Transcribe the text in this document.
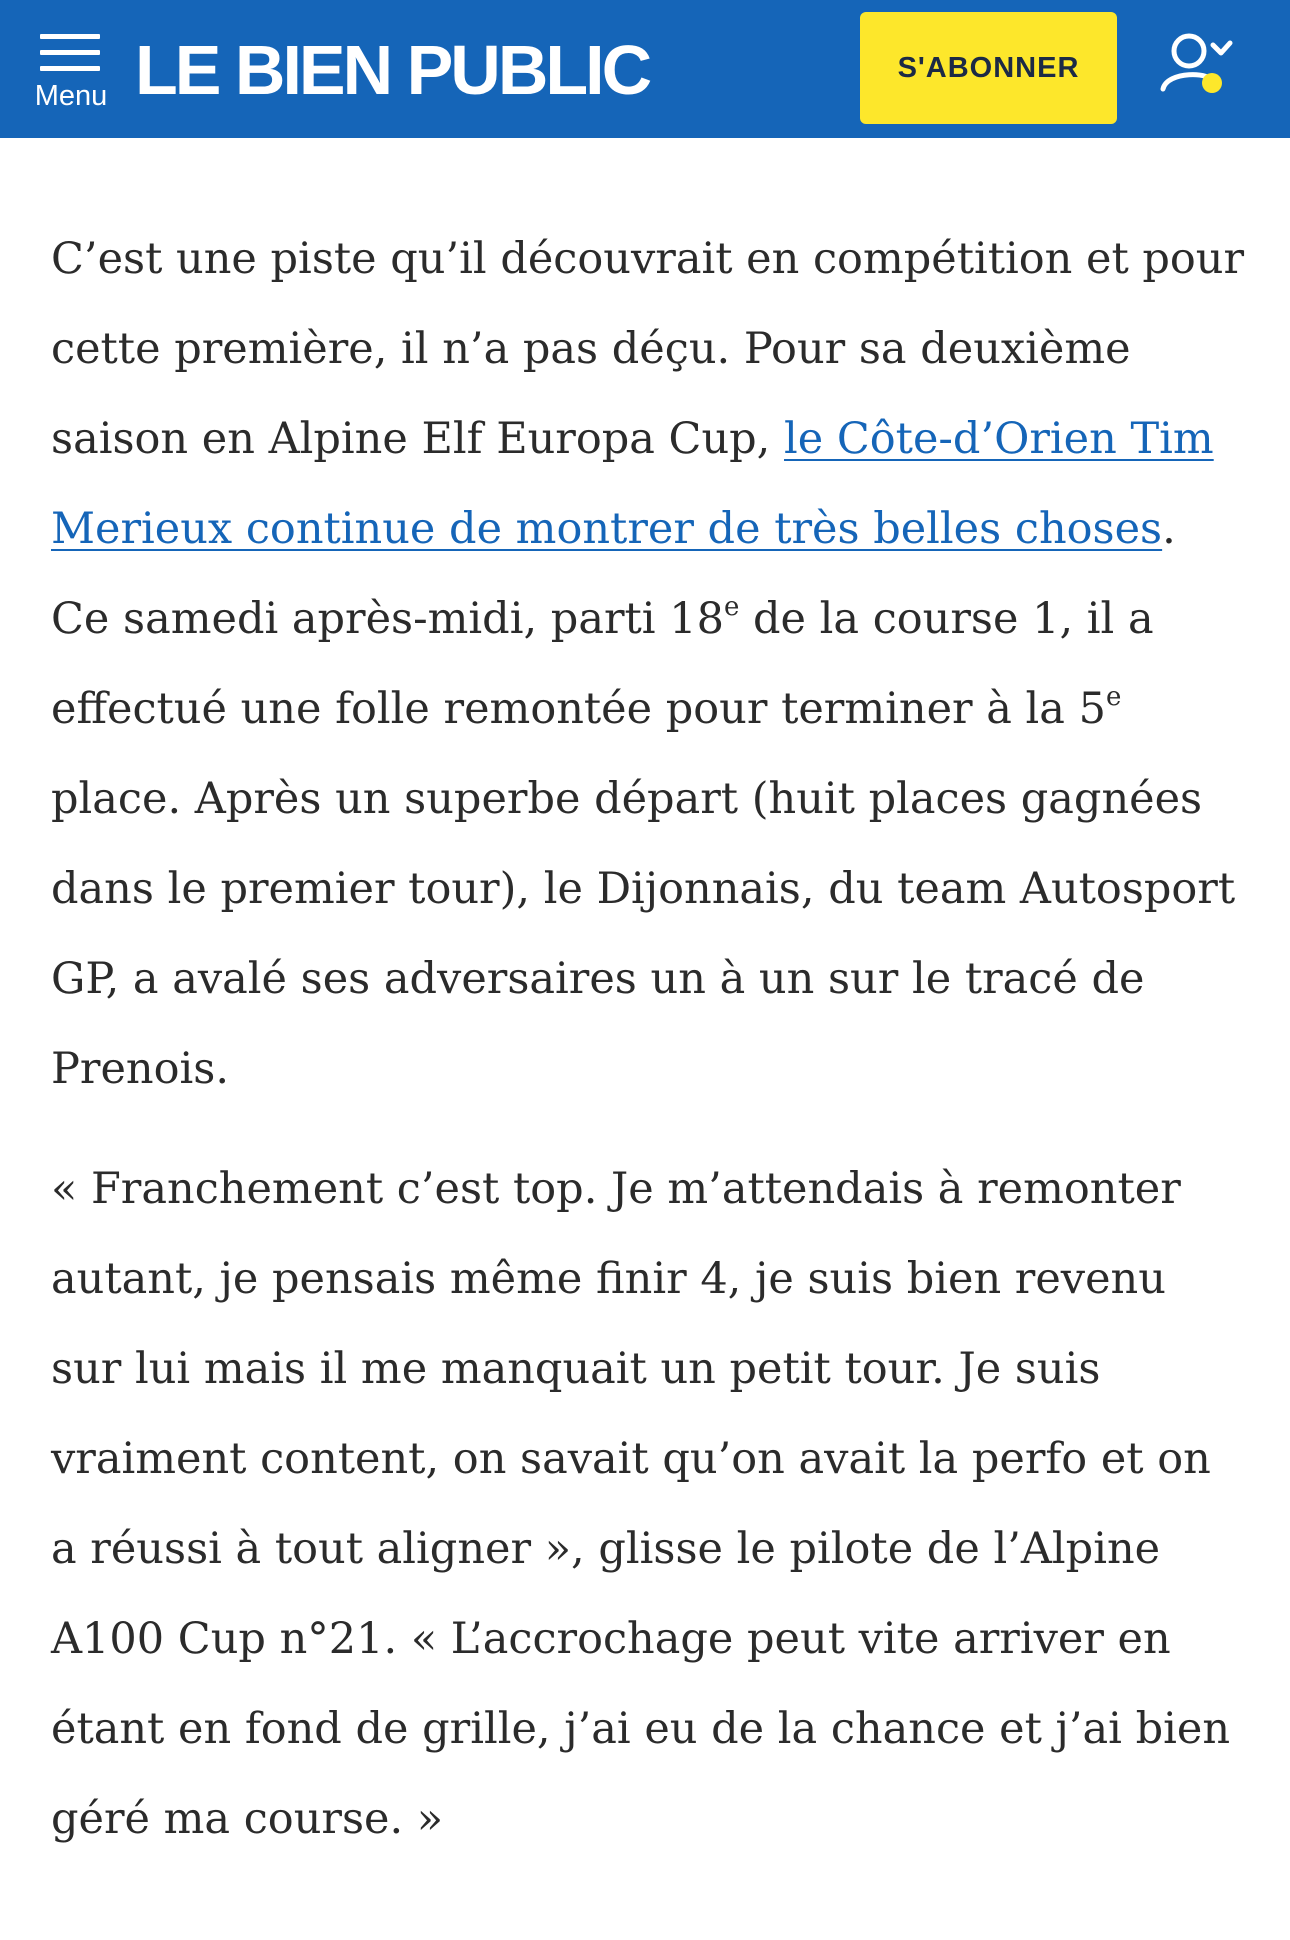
Menu LE BIEN PUBLIC	S'ABONNER

C’est une piste qu’il découvrait en compétition et pour cette première, il n’a pas déçu. Pour sa deuxième saison en Alpine Elf Europa Cup, le Côte-d’Orien Tim Merieux continue de montrer de très belles choses. Ce samedi après-midi, parti 18e de la course 1, il a effectué une folle remontée pour terminer à la 5e place. Après un superbe départ (huit places gagnées dans le premier tour), le Dijonnais, du team Autosport GP, a avalé ses adversaires un à un sur le tracé de Prenois.

« Franchement c’est top. Je m’attendais à remonter autant, je pensais même finir 4, je suis bien revenu sur lui mais il me manquait un petit tour. Je suis vraiment content, on savait qu’on avait la perfo et on a réussi à tout aligner », glisse le pilote de l’Alpine A100 Cup n°21. « L’accrochage peut vite arriver en étant en fond de grille, j’ai eu de la chance et j’ai bien géré ma course. »
